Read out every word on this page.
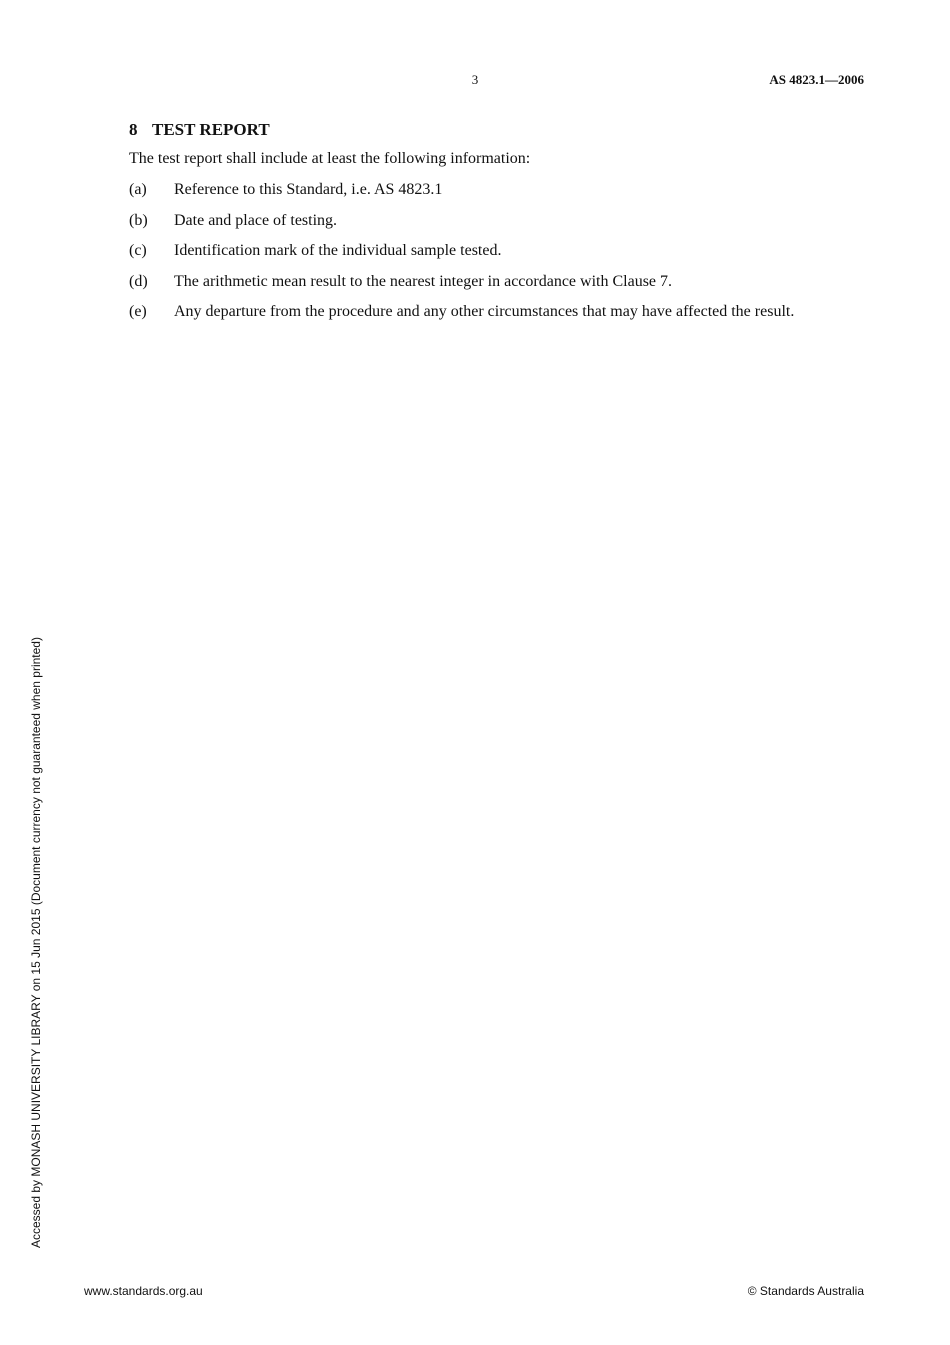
3	AS 4823.1—2006
8 TEST REPORT
The test report shall include at least the following information:
(a) Reference to this Standard, i.e. AS 4823.1
(b) Date and place of testing.
(c) Identification mark of the individual sample tested.
(d) The arithmetic mean result to the nearest integer in accordance with Clause 7.
(e) Any departure from the procedure and any other circumstances that may have affected the result.
Accessed by MONASH UNIVERSITY LIBRARY on 15 Jun 2015 (Document currency not guaranteed when printed)
www.standards.org.au	© Standards Australia
